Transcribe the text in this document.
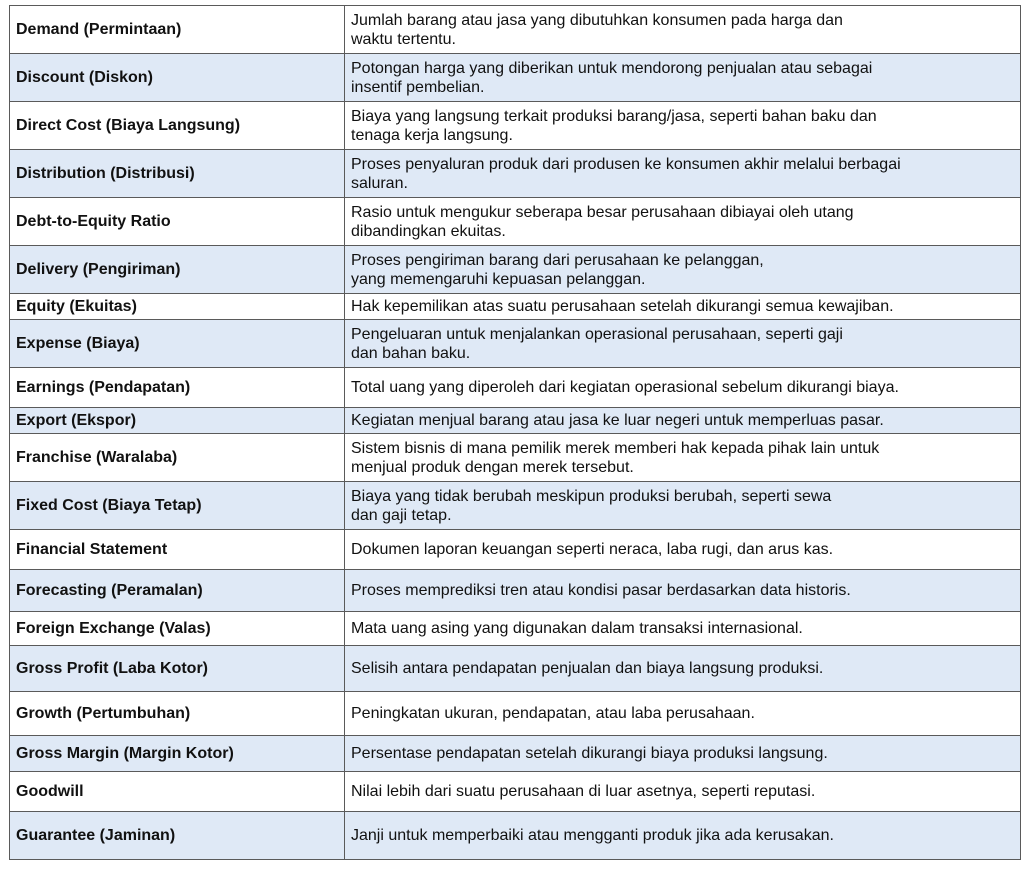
Demand (Permintaan)	Jumlah barang atau jasa yang dibutuhkan konsumen pada harga dan
waktu tertentu.
Discount (Diskon)	Potongan harga yang diberikan untuk mendorong penjualan atau sebagai
insentif pembelian.
Direct Cost (Biaya Langsung)	Biaya yang langsung terkait produksi barang/jasa, seperti bahan baku dan
tenaga kerja langsung.
Distribution (Distribusi)	Proses penyaluran produk dari produsen ke konsumen akhir melalui berbagai
saluran.
Debt-to-Equity Ratio	Rasio untuk mengukur seberapa besar perusahaan dibiayai oleh utang
dibandingkan ekuitas.
Delivery (Pengiriman)	Proses pengiriman barang dari perusahaan ke pelanggan,
yang memengaruhi kepuasan pelanggan.
Equity (Ekuitas)	Hak kepemilikan atas suatu perusahaan setelah dikurangi semua kewajiban.
Expense (Biaya)	Pengeluaran untuk menjalankan operasional perusahaan, seperti gaji
dan bahan baku.
Earnings (Pendapatan)	Total uang yang diperoleh dari kegiatan operasional sebelum dikurangi biaya.
Export (Ekspor)	Kegiatan menjual barang atau jasa ke luar negeri untuk memperluas pasar.
Franchise (Waralaba)	Sistem bisnis di mana pemilik merek memberi hak kepada pihak lain untuk
menjual produk dengan merek tersebut.
Fixed Cost (Biaya Tetap)	Biaya yang tidak berubah meskipun produksi berubah, seperti sewa
dan gaji tetap.
Financial Statement	Dokumen laporan keuangan seperti neraca, laba rugi, dan arus kas.
Forecasting (Peramalan)	Proses memprediksi tren atau kondisi pasar berdasarkan data historis.
Foreign Exchange (Valas)	Mata uang asing yang digunakan dalam transaksi internasional.
Gross Profit (Laba Kotor)	Selisih antara pendapatan penjualan dan biaya langsung produksi.
Growth (Pertumbuhan)	Peningkatan ukuran, pendapatan, atau laba perusahaan.
Gross Margin (Margin Kotor)	Persentase pendapatan setelah dikurangi biaya produksi langsung.
Goodwill	Nilai lebih dari suatu perusahaan di luar asetnya, seperti reputasi.
Guarantee (Jaminan)	Janji untuk memperbaiki atau mengganti produk jika ada kerusakan.
